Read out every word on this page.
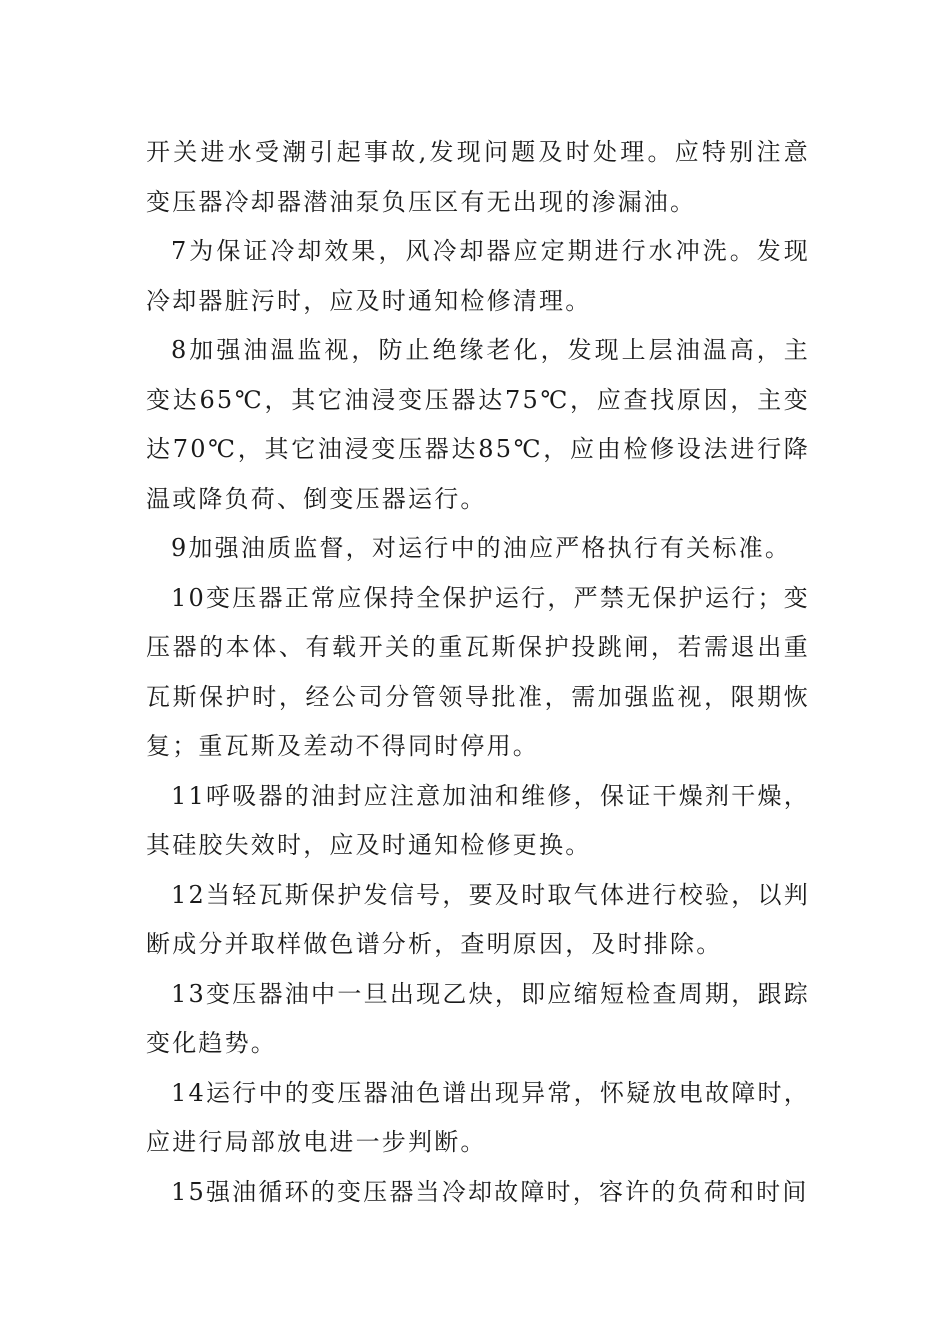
开关进水受潮引起事故,发现问题及时处理。应特别注意变压器冷却器潜油泵负压区有无出现的渗漏油。

7为保证冷却效果，风冷却器应定期进行水冲洗。发现冷却器脏污时，应及时通知检修清理。

8加强油温监视，防止绝缘老化，发现上层油温高，主变达65℃，其它油浸变压器达75℃，应查找原因，主变达70℃，其它油浸变压器达85℃，应由检修设法进行降温或降负荷、倒变压器运行。

9加强油质监督，对运行中的油应严格执行有关标准。

10变压器正常应保持全保护运行，严禁无保护运行；变压器的本体、有载开关的重瓦斯保护投跳闸，若需退出重瓦斯保护时，经公司分管领导批准，需加强监视，限期恢复；重瓦斯及差动不得同时停用。

11呼吸器的油封应注意加油和维修，保证干燥剂干燥，其硅胶失效时，应及时通知检修更换。

12当轻瓦斯保护发信号，要及时取气体进行校验，以判断成分并取样做色谱分析，查明原因，及时排除。

13变压器油中一旦出现乙炔，即应缩短检查周期，跟踪变化趋势。

14运行中的变压器油色谱出现异常，怀疑放电故障时，应进行局部放电进一步判断。

15强油循环的变压器当冷却故障时，容许的负荷和时间
